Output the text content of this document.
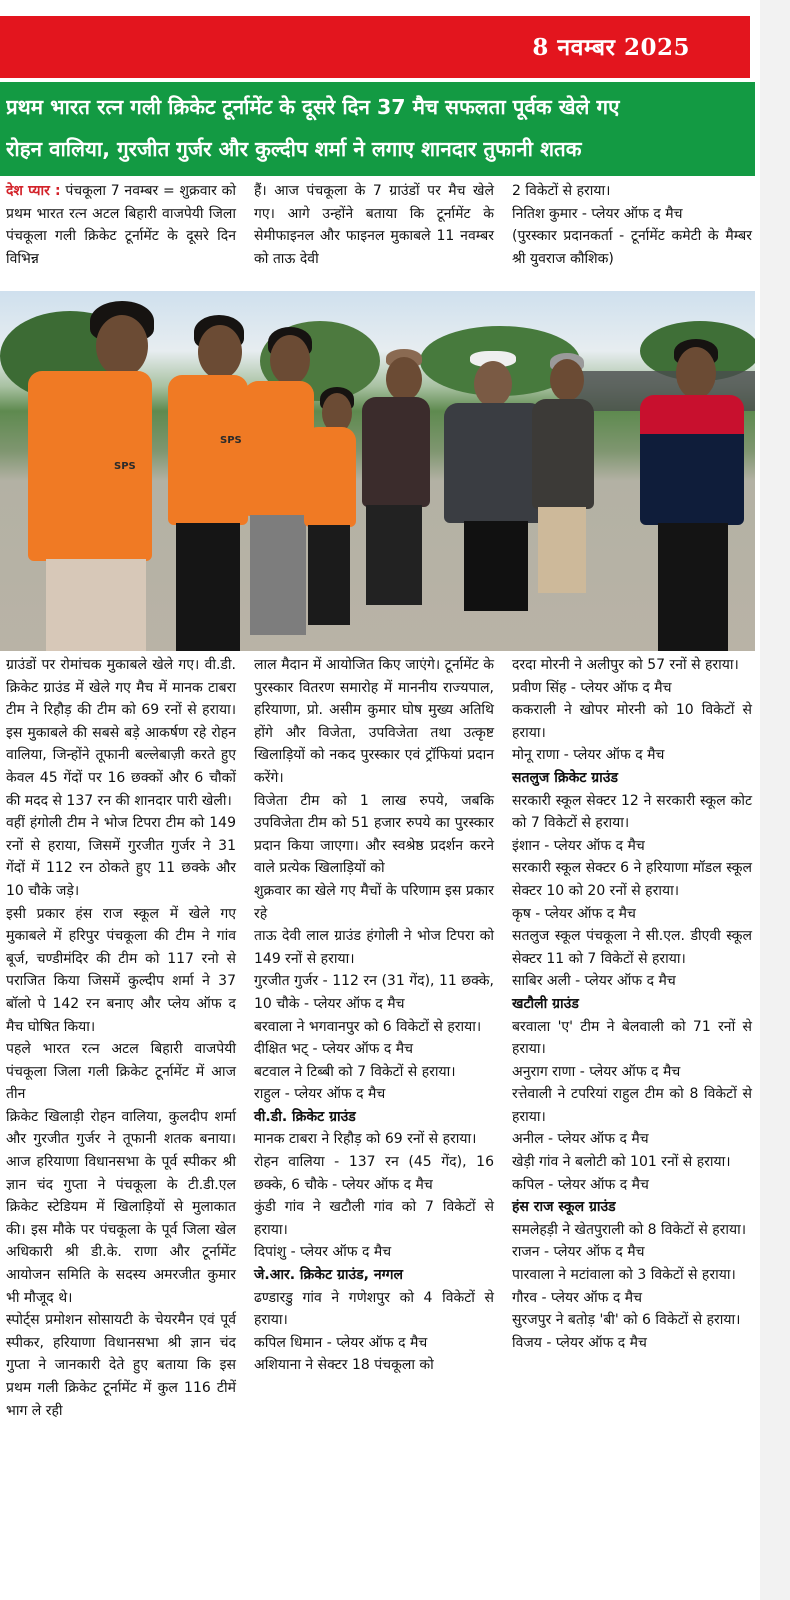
8 नवम्बर 2025
प्रथम भारत रत्न गली क्रिकेट टूर्नामेंट के दूसरे दिन 37 मैच सफलता पूर्वक खेले गए
रोहन वालिया, गुरजीत गुर्जर और कुल्दीप शर्मा ने लगाए शानदार तुफानी शतक

देश प्यार : पंचकूला 7 नवम्बर = शुक्रवार को प्रथम भारत रत्न अटल बिहारी वाजपेयी जिला पंचकूला गली क्रिकेट टूर्नामेंट के दूसरे दिन विभिन्न

हैं। आज पंचकूला के 7 ग्राउंडों पर मैच खेले गए। आगे उन्होंने बताया कि टूर्नामेंट के सेमीफाइनल और फाइनल मुकाबले 11 नवम्बर को ताऊ देवी

2 विकेटों से हराया।

नितिश कुमार - प्लेयर ऑफ द मैच

(पुरस्कार प्रदानकर्ता - टूर्नामेंट कमेटी के मैम्बर श्री युवराज कौशिक)

SPS
SPS

ग्राउंडों पर रोमांचक मुकाबले खेले गए। वी.डी. क्रिकेट ग्राउंड में खेले गए मैच में मानक टाबरा टीम ने रिहौड़ की टीम को 69 रनों से हराया। इस मुकाबले की सबसे बड़े आकर्षण रहे रोहन वालिया, जिन्होंने तूफानी बल्लेबाज़ी करते हुए केवल 45 गेंदों पर 16 छक्कों और 6 चौकों की मदद से 137 रन की शानदार पारी खेली।

वहीं हंगोली टीम ने भोज टिपरा टीम को 149 रनों से हराया, जिसमें गुरजीत गुर्जर ने 31 गेंदों में 112 रन ठोकते हुए 11 छक्के और 10 चौके जड़े।

इसी प्रकार हंस राज स्कूल में खेले गए मुकाबले में हरिपुर पंचकूला की टीम ने गांव बूर्ज, चण्डीमंदिर की टीम को 117 रनो से पराजित किया जिसमें कुल्दीप शर्मा ने 37 बॉलो पे 142 रन बनाए और प्लेय ऑफ द मैच घोषित किया।

पहले भारत रत्न अटल बिहारी वाजपेयी पंचकूला जिला गली क्रिकेट टूर्नामेंट में आज तीन

क्रिकेट खिलाड़ी रोहन वालिया, कुलदीप शर्मा और गुरजीत गुर्जर ने तूफानी शतक बनाया। आज हरियाणा विधानसभा के पूर्व स्पीकर श्री ज्ञान चंद गुप्ता ने पंचकूला के टी.डी.एल क्रिकेट स्टेडियम में खिलाड़ियों से मुलाकात की। इस मौके पर पंचकूला के पूर्व जिला खेल अधिकारी श्री डी.के. राणा और टूर्नामेंट आयोजन समिति के सदस्य अमरजीत कुमार भी मौजूद थे।

स्पोर्ट्स प्रमोशन सोसायटी के चेयरमैन एवं पूर्व स्पीकर, हरियाणा विधानसभा श्री ज्ञान चंद गुप्ता ने जानकारी देते हुए बताया कि इस प्रथम गली क्रिकेट टूर्नामेंट में कुल 116 टीमें भाग ले रही

लाल मैदान में आयोजित किए जाएंगे। टूर्नामेंट के पुरस्कार वितरण समारोह में माननीय राज्यपाल, हरियाणा, प्रो. असीम कुमार घोष मुख्य अतिथि होंगे और विजेता, उपविजेता तथा उत्कृष्ट खिलाड़ियों को नकद पुरस्कार एवं ट्रॉफियां प्रदान करेंगे।

विजेता टीम को 1 लाख रुपये, जबकि उपविजेता टीम को 51 हजार रुपये का पुरस्कार प्रदान किया जाएगा। और स्वश्रेष्ठ प्रदर्शन करने वाले प्रत्येक खिलाड़ियों को

शुक्रवार का खेले गए मैचों के परिणाम इस प्रकार रहे

ताऊ देवी लाल ग्राउंड हंगोली ने भोज टिपरा को 149 रनों से हराया।

गुरजीत गुर्जर - 112 रन (31 गेंद), 11 छक्के, 10 चौके - प्लेयर ऑफ द मैच

बरवाला ने भगवानपुर को 6 विकेटों से हराया।

दीक्षित भट् - प्लेयर ऑफ द मैच

बटवाल ने टिब्बी को 7 विकेटों से हराया।

राहुल - प्लेयर ऑफ द मैच

वी.डी. क्रिकेट ग्राउंड

मानक टाबरा ने रिहौड़ को 69 रनों से हराया।

रोहन वालिया - 137 रन (45 गेंद), 16 छक्के, 6 चौके - प्लेयर ऑफ द मैच

कुंडी गांव ने खटौली गांव को 7 विकेटों से हराया।

दिपांशु - प्लेयर ऑफ द मैच

जे.आर. क्रिकेट ग्राउंड, नग्गल

ढण्डारडु गांव ने गणेशपुर को 4 विकेटों से हराया।

कपिल धिमान - प्लेयर ऑफ द मैच

अशियाना ने सेक्टर 18 पंचकूला को

दरदा मोरनी ने अलीपुर को 57 रनों से हराया।

प्रवीण सिंह - प्लेयर ऑफ द मैच

ककराली ने खोपर मोरनी को 10 विकेटों से हराया।

मोनू राणा - प्लेयर ऑफ द मैच

सतलुज क्रिकेट ग्राउंड

सरकारी स्कूल सेक्टर 12 ने सरकारी स्कूल कोट को 7 विकेटों से हराया।

इंशान - प्लेयर ऑफ द मैच

सरकारी स्कूल सेक्टर 6 ने हरियाणा मॉडल स्कूल सेक्टर 10 को 20 रनों से हराया।

कृष - प्लेयर ऑफ द मैच

सतलुज स्कूल पंचकूला ने सी.एल. डीएवी स्कूल सेक्टर 11 को 7 विकेटों से हराया।

साबिर अली - प्लेयर ऑफ द मैच

खटौली ग्राउंड

बरवाला 'ए' टीम ने बेलवाली को 71 रनों से हराया।

अनुराग राणा - प्लेयर ऑफ द मैच

रत्तेवाली ने टपरियां राहुल टीम को 8 विकेटों से हराया।

अनील - प्लेयर ऑफ द मैच

खेड़ी गांव ने बलोटी को 101 रनों से हराया।

कपिल - प्लेयर ऑफ द मैच

हंस राज स्कूल ग्राउंड

समलेहड़ी ने खेतपुराली को 8 विकेटों से हराया।

राजन - प्लेयर ऑफ द मैच

पारवाला ने मटांवाला को 3 विकेटों से हराया।

गौरव - प्लेयर ऑफ द मैच

सुरजपुर ने बतोड़ 'बी' को 6 विकेटों से हराया।

विजय - प्लेयर ऑफ द मैच
